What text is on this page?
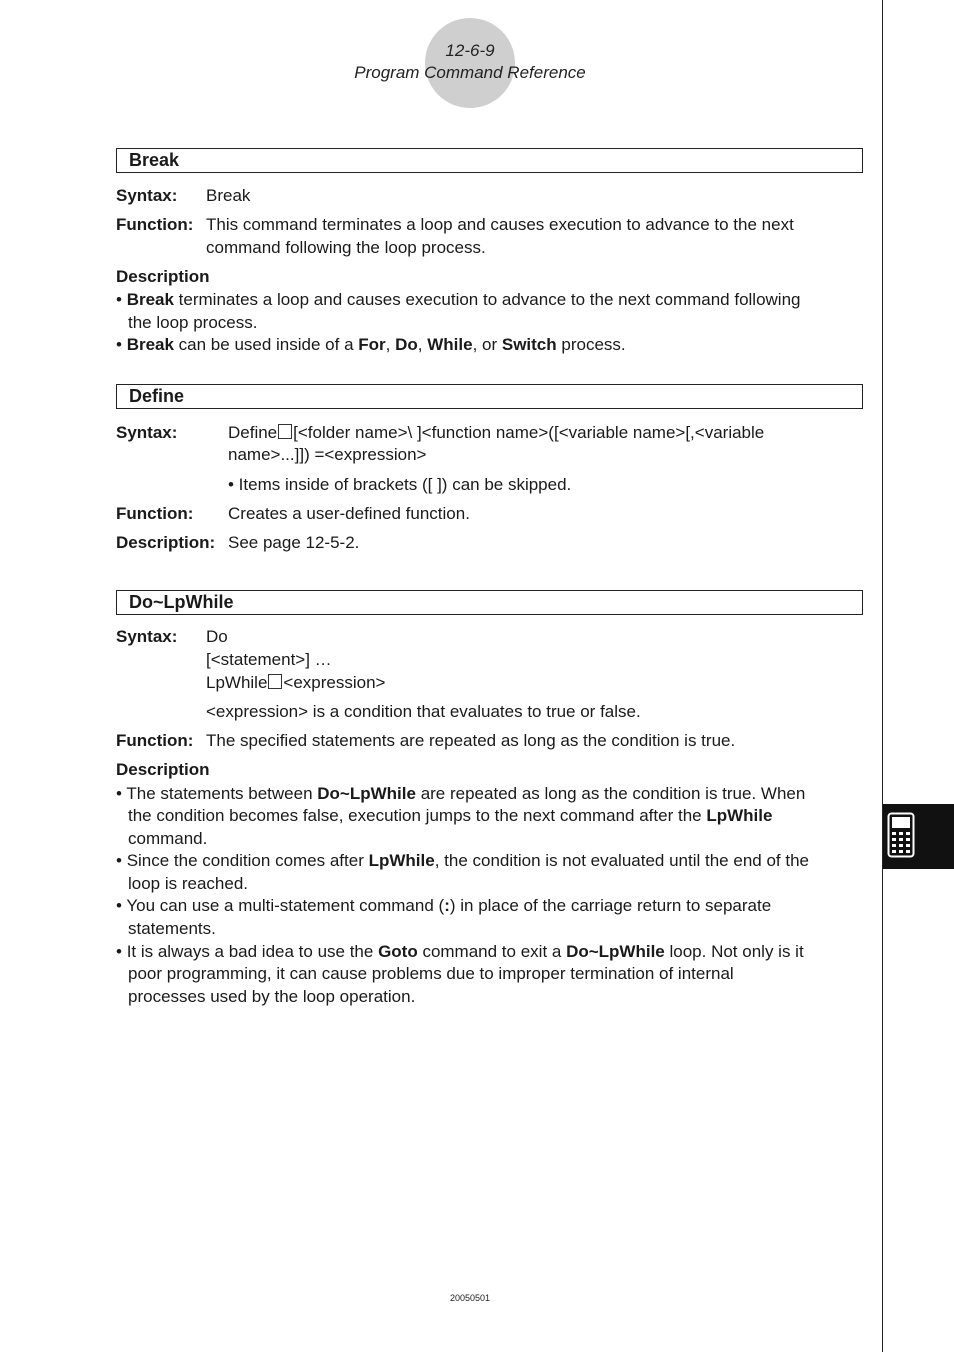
12-6-9
Program Command Reference
Break
Syntax: Break
Function: This command terminates a loop and causes execution to advance to the next
command following the loop process.
Description
• Break terminates a loop and causes execution to advance to the next command following
the loop process.
• Break can be used inside of a For, Do, While, or Switch process.
Define
Syntax:	Define [<folder name>\ ]<function name>([<variable name>[,<variable
name>...]]) =<expression>
• Items inside of brackets ([ ]) can be skipped.
Function: Creates a user-defined function.
Description: See page 12-5-2.
Do~LpWhile
Syntax: Do
[<statement>] …
LpWhile <expression>
<expression> is a condition that evaluates to true or false.
Function: The specified statements are repeated as long as the condition is true.
Description
• The statements between Do~LpWhile are repeated as long as the condition is true. When
the condition becomes false, execution jumps to the next command after the LpWhile
command.
• Since the condition comes after LpWhile, the condition is not evaluated until the end of the
loop is reached.
• You can use a multi-statement command (:) in place of the carriage return to separate
statements.
• It is always a bad idea to use the Goto command to exit a Do~LpWhile loop. Not only is it
poor programming, it can cause problems due to improper termination of internal
processes used by the loop operation.
20050501
